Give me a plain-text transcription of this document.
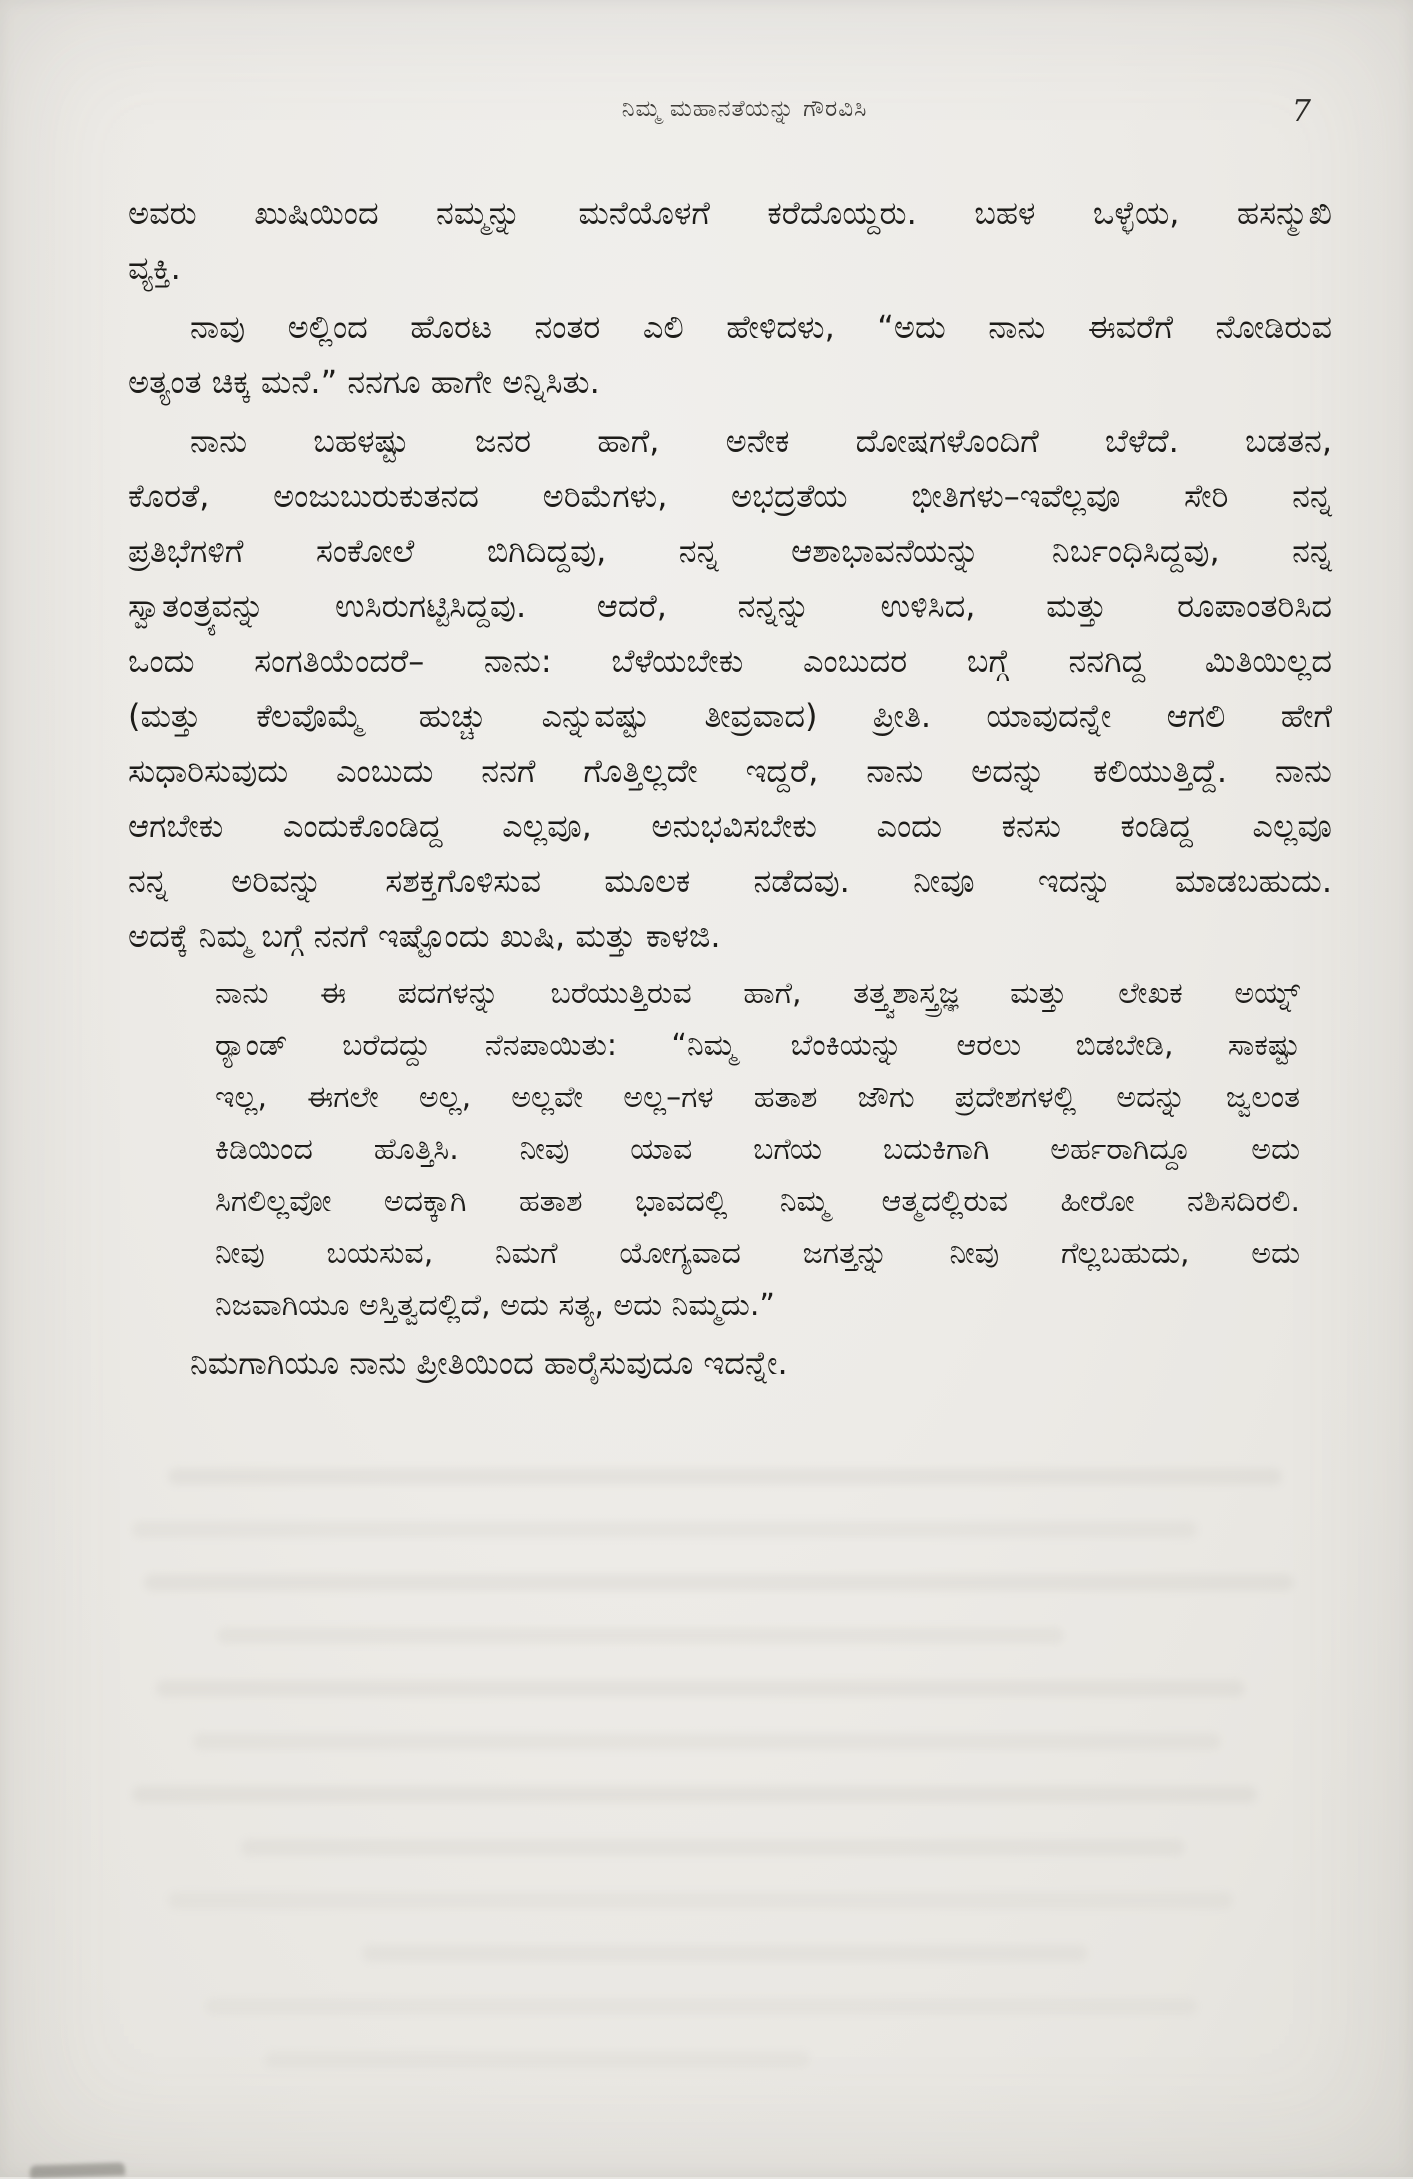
ನಿಮ್ಮ ಮಹಾನತೆಯನ್ನು ಗೌರವಿಸಿ	7
ಅವರು ಖುಷಿಯಿಂದ ನಮ್ಮನ್ನು ಮನೆಯೊಳಗೆ ಕರೆದೊಯ್ದರು. ಬಹಳ ಒಳ್ಳೆಯ, ಹಸನ್ಮುಖಿ
ವ್ಯಕ್ತಿ.
ನಾವು ಅಲ್ಲಿಂದ ಹೊರಟ ನಂತರ ಎಲಿ ಹೇಳಿದಳು, “ಅದು ನಾನು ಈವರೆಗೆ ನೋಡಿರುವ
ಅತ್ಯಂತ ಚಿಕ್ಕ ಮನೆ.” ನನಗೂ ಹಾಗೇ ಅನ್ನಿಸಿತು.
ನಾನು ಬಹಳಷ್ಟು ಜನರ ಹಾಗೆ, ಅನೇಕ ದೋಷಗಳೊಂದಿಗೆ ಬೆಳೆದೆ. ಬಡತನ,
ಕೊರತೆ, ಅಂಜುಬುರುಕುತನದ ಅರಿಮೆಗಳು, ಅಭದ್ರತೆಯ ಭೀತಿಗಳು–ಇವೆಲ್ಲವೂ ಸೇರಿ ನನ್ನ
ಪ್ರತಿಭೆಗಳಿಗೆ ಸಂಕೋಲೆ ಬಿಗಿದಿದ್ದವು, ನನ್ನ ಆಶಾಭಾವನೆಯನ್ನು ನಿರ್ಬಂಧಿಸಿದ್ದವು, ನನ್ನ
ಸ್ವಾತಂತ್ರ್ಯವನ್ನು ಉಸಿರುಗಟ್ಟಿಸಿದ್ದವು. ಆದರೆ, ನನ್ನನ್ನು ಉಳಿಸಿದ, ಮತ್ತು ರೂಪಾಂತರಿಸಿದ
ಒಂದು ಸಂಗತಿಯೆಂದರೆ– ನಾನು: ಬೆಳೆಯಬೇಕು ಎಂಬುದರ ಬಗ್ಗೆ ನನಗಿದ್ದ ಮಿತಿಯಿಲ್ಲದ
(ಮತ್ತು ಕೆಲವೊಮ್ಮೆ ಹುಚ್ಚು ಎನ್ನುವಷ್ಟು ತೀವ್ರವಾದ) ಪ್ರೀತಿ. ಯಾವುದನ್ನೇ ಆಗಲಿ ಹೇಗೆ
ಸುಧಾರಿಸುವುದು ಎಂಬುದು ನನಗೆ ಗೊತ್ತಿಲ್ಲದೇ ಇದ್ದರೆ, ನಾನು ಅದನ್ನು ಕಲಿಯುತ್ತಿದ್ದೆ. ನಾನು
ಆಗಬೇಕು ಎಂದುಕೊಂಡಿದ್ದ ಎಲ್ಲವೂ, ಅನುಭವಿಸಬೇಕು ಎಂದು ಕನಸು ಕಂಡಿದ್ದ ಎಲ್ಲವೂ
ನನ್ನ ಅರಿವನ್ನು ಸಶಕ್ತಗೊಳಿಸುವ ಮೂಲಕ ನಡೆದವು. ನೀವೂ ಇದನ್ನು ಮಾಡಬಹುದು.
ಅದಕ್ಕೆ ನಿಮ್ಮ ಬಗ್ಗೆ ನನಗೆ ಇಷ್ಟೊಂದು ಖುಷಿ, ಮತ್ತು ಕಾಳಜಿ.
ನಾನು ಈ ಪದಗಳನ್ನು ಬರೆಯುತ್ತಿರುವ ಹಾಗೆ, ತತ್ತ್ವಶಾಸ್ತ್ರಜ್ಞ ಮತ್ತು ಲೇಖಕ ಅಯ್ನ್
ರ‍್ಯಾಂಡ್ ಬರೆದದ್ದು ನೆನಪಾಯಿತು: “ನಿಮ್ಮ ಬೆಂಕಿಯನ್ನು ಆರಲು ಬಿಡಬೇಡಿ, ಸಾಕಷ್ಟು
ಇಲ್ಲ, ಈಗಲೇ ಅಲ್ಲ, ಅಲ್ಲವೇ ಅಲ್ಲ–ಗಳ ಹತಾಶ ಜೌಗು ಪ್ರದೇಶಗಳಲ್ಲಿ ಅದನ್ನು ಜ್ವಲಂತ
ಕಿಡಿಯಿಂದ ಹೊತ್ತಿಸಿ. ನೀವು ಯಾವ ಬಗೆಯ ಬದುಕಿಗಾಗಿ ಅರ್ಹರಾಗಿದ್ದೂ ಅದು
ಸಿಗಲಿಲ್ಲವೋ ಅದಕ್ಕಾಗಿ ಹತಾಶ ಭಾವದಲ್ಲಿ ನಿಮ್ಮ ಆತ್ಮದಲ್ಲಿರುವ ಹೀರೋ ನಶಿಸದಿರಲಿ.
ನೀವು ಬಯಸುವ, ನಿಮಗೆ ಯೋಗ್ಯವಾದ ಜಗತ್ತನ್ನು ನೀವು ಗೆಲ್ಲಬಹುದು, ಅದು
ನಿಜವಾಗಿಯೂ ಅಸ್ತಿತ್ವದಲ್ಲಿದೆ, ಅದು ಸತ್ಯ, ಅದು ನಿಮ್ಮದು.”
ನಿಮಗಾಗಿಯೂ ನಾನು ಪ್ರೀತಿಯಿಂದ ಹಾರೈಸುವುದೂ ಇದನ್ನೇ.
